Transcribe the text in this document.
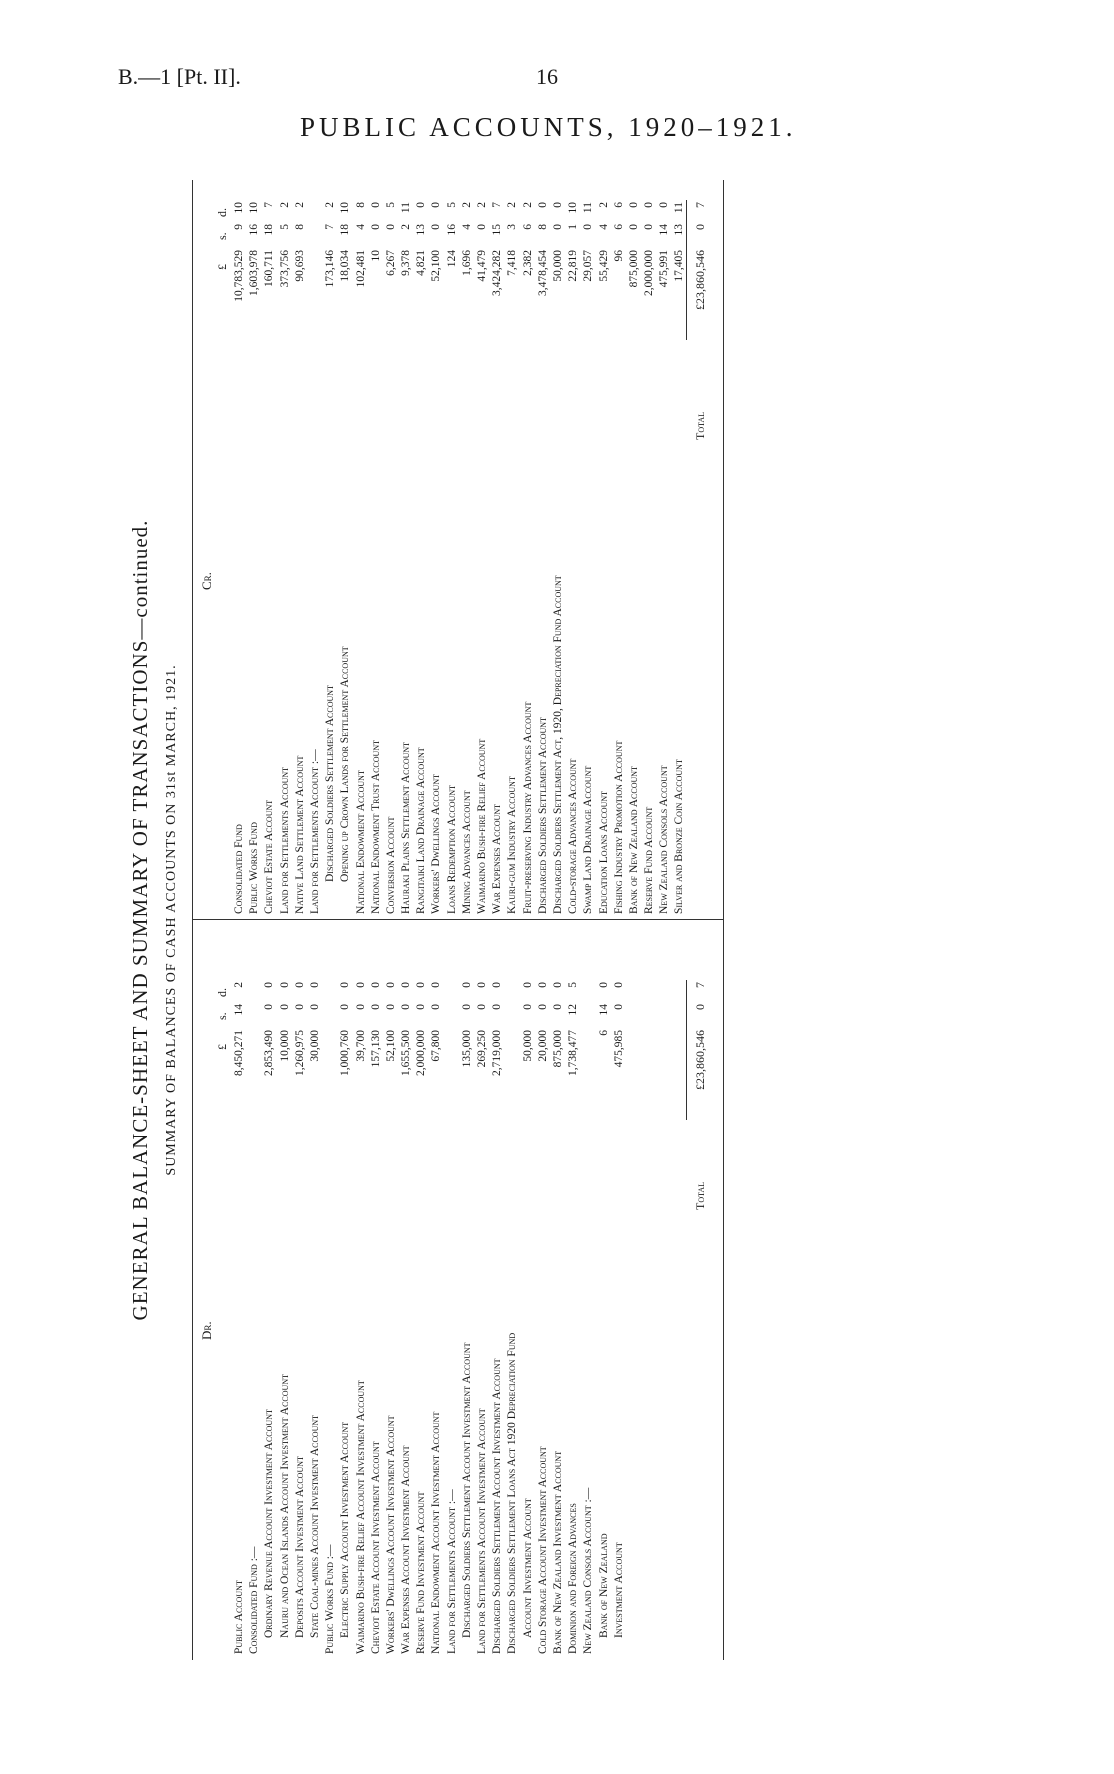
B.—1 [Pt. II].	16
PUBLIC ACCOUNTS, 1920–1921.
GENERAL BALANCE-SHEET AND SUMMARY OF TRANSACTIONS—continued. SUMMARY OF BALANCES OF CASH ACCOUNTS ON 31st MARCH, 1921.
Dr.
£
s.
d.
Public Account
8,450,271
14
2
Consolidated Fund :— Ordinary Revenue Account Investment Account
2,853,490
0
0
Nauru and Ocean Islands Account Investment Account
10,000
0
0
Deposits Account Investment Account
1,260,975
0
0
State Coal-mines Account Investment Account
30,000
0
0
Public Works Fund :— Electric Supply Account Investment Account
1,000,760
0
0
Waimarino Bush-fire Relief Account Investment Account
39,700
0
0
Cheviot Estate Account Investment Account
157,130
0
0
Workers' Dwellings Account Investment Account
52,100
0
0
War Expenses Account Investment Account
1,655,500
0
0
Reserve Fund Investment Account
2,000,000
0
0
National Endowment Account Investment Account
67,800
0
0
Land for Settlements Account :— Discharged Soldiers Settlement Account Investment Account
135,000
0
0
Land for Settlements Account Investment Account
269,250
0
0
Discharged Soldiers Settlement Account Investment Account
2,719,000
0
0
Discharged Soldiers Settlement Loans Act 1920 Depreciation Fund Account Investment Account
50,000
0
0
Cold Storage Account Investment Account
20,000
0
0
Bank of New Zealand Investment Account
875,000
0
0
Dominion and Foreign Advances
1,738,477
12
5
New Zealand Consols Account :— Bank of New Zealand
6
14
0
Investment Account
475,985
0
0
Total
£23,860,546
0
7
Cr.
£
s.
d.
Consolidated Fund
10,783,529
9
10
Public Works Fund
1,603,978
16
10
Cheviot Estate Account
160,711
18
7
Land for Settlements Account
373,756
5
2
Native Land Settlement Account
90,693
8
2
Land for Settlements Account :— Discharged Soldiers Settlement Account
173,146
7
2
Opening up Crown Lands for Settlement Account
18,034
18
10
National Endowment Account
102,481
4
8
National Endowment Trust Account
10
0
0
Conversion Account
6,267
0
5
Hauraki Plains Settlement Account
9,378
2
11
Rangitaiki Land Drainage Account
4,821
13
0
Workers' Dwellings Account
52,100
0
0
Loans Redemption Account
124
16
5
Mining Advances Account
1,696
4
2
Waimarino Bush-fire Relief Account
41,479
0
2
War Expenses Account
3,424,282
15
7
Kauri-gum Industry Account
7,418
3
2
Fruit-preserving Industry Advances Account
2,382
6
2
Discharged Soldiers Settlement Account
3,478,454
8
0
Discharged Soldiers Settlement Act, 1920, Depreciation Fund Account
50,000
0
0
Cold-storage Advances Account
22,819
1
10
Swamp Land Drainage Account
29,057
0
11
Education Loans Account
55,429
4
2
Fishing Industry Promotion Account
96
6
6
Bank of New Zealand Account
875,000
0
0
Reserve Fund Account
2,000,000
0
0
New Zealand Consols Account
475,991
14
0
Silver and Bronze Coin Account
17,405
13
11
Total
£23,860,546
0
7
